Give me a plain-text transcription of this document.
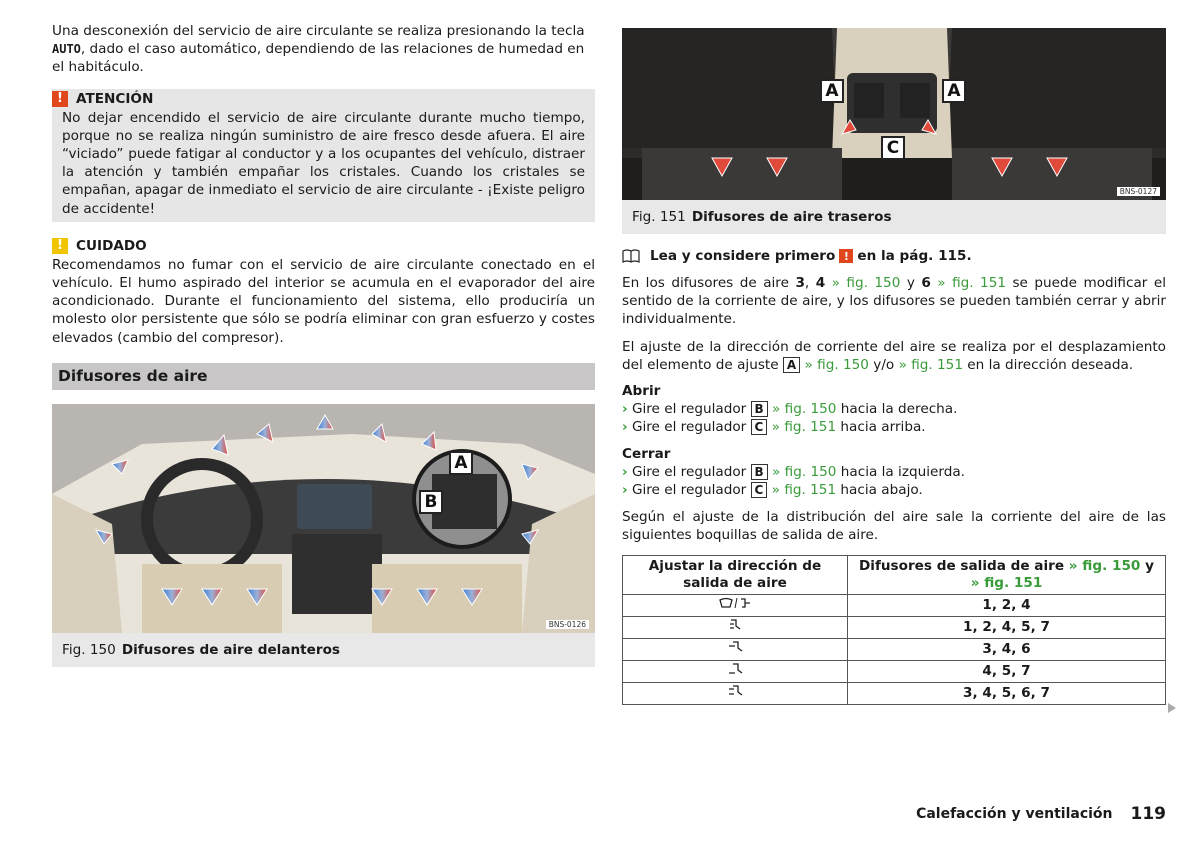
Una desconexión del servicio de aire circulante se realiza presionando la tecla AUTO, dado el caso automático, dependiendo de las relaciones de humedad en el habitáculo.

! ATENCIÓN

No dejar encendido el servicio de aire circulante durante mucho tiempo, porque no se realiza ningún suministro de aire fresco desde afuera. El aire “viciado” puede fatigar al conductor y a los ocupantes del vehículo, distraer la atención y también empañar los cristales. Cuando los cristales se empañan, apagar de inmediato el servicio de aire circulante - ¡Existe peligro de accidente!

! CUIDADO

Recomendamos no fumar con el servicio de aire circulante conectado en el vehículo. El humo aspirado del interior se acumula en el evaporador del aire acondicionado. Durante el funcionamiento del sistema, ello produciría un molesto olor persistente que sólo se podría eliminar con gran esfuerzo y costes elevados (cambio del compresor).

Difusores de aire
A
B
BNS-0126
Fig. 150 Difusores de aire delanteros
A	A
C
BNS-0127
Fig. 151 Difusores de aire traseros
Lea y considere primero ! en la pág. 115.

En los difusores de aire 3, 4 » fig. 150 y 6 » fig. 151 se puede modificar el sentido de la corriente de aire, y los difusores se pueden también cerrar y abrir individualmente.

El ajuste de la dirección de corriente del aire se realiza por el desplazamiento del elemento de ajuste A » fig. 150 y/o » fig. 151 en la dirección deseada.

Abrir

› Gire el regulador B » fig. 150 hacia la derecha.

› Gire el regulador C » fig. 151 hacia arriba.

Cerrar

› Gire el regulador B » fig. 150 hacia la izquierda.

› Gire el regulador C » fig. 151 hacia abajo.

Según el ajuste de la distribución del aire sale la corriente del aire de las siguientes boquillas de salida de aire.

Ajustar la dirección de salida de aire	Difusores de salida de aire » fig. 150 y
» fig. 151
	1, 2, 4
	1, 2, 4, 5, 7
	3, 4, 6
	4, 5, 7
	3, 4, 5, 6, 7
Calefacción y ventilación 119
